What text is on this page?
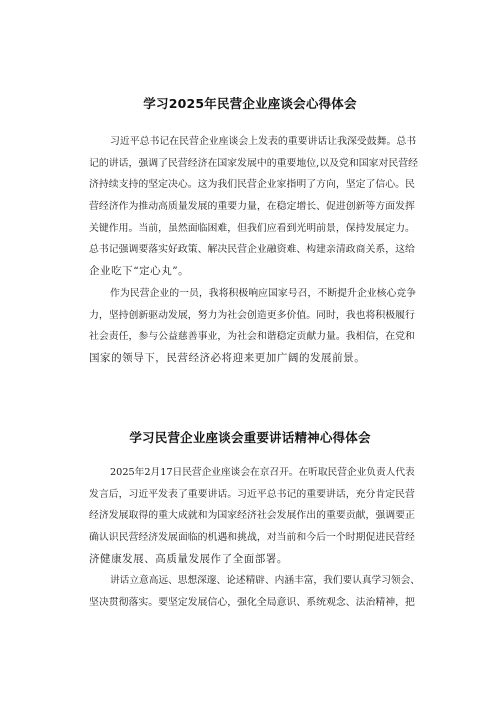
学习2025年民营企业座谈会心得体会
习近平总书记在民营企业座谈会上发表的重要讲话让我深受鼓舞。总书
记的讲话，强调了民营经济在国家发展中的重要地位,以及党和国家对民营经
济持续支持的坚定决心。这为我们民营企业家指明了方向，坚定了信心。民
营经济作为推动高质量发展的重要力量，在稳定增长、促进创新等方面发挥
关键作用。当前，虽然面临困难，但我们应看到光明前景，保持发展定力。
总书记强调要落实好政策、解决民营企业融资难、构建亲清政商关系，这给
企业吃下“定心丸”。
作为民营企业的一员，我将积极响应国家号召，不断提升企业核心竞争
力，坚持创新驱动发展，努力为社会创造更多价值。同时，我也将积极履行
社会责任，参与公益慈善事业，为社会和谐稳定贡献力量。我相信，在党和
国家的领导下，民营经济必将迎来更加广阔的发展前景。
学习民营企业座谈会重要讲话精神心得体会
2025年2月17日民营企业座谈会在京召开。在听取民营企业负责人代表
发言后，习近平发表了重要讲话。习近平总书记的重要讲话，充分肯定民营
经济发展取得的重大成就和为国家经济社会发展作出的重要贡献，强调要正
确认识民营经济发展面临的机遇和挑战，对当前和今后一个时期促进民营经
济健康发展、高质量发展作了全面部署。
讲话立意高远、思想深邃、论述精辟、内涵丰富，我们要认真学习领会、
坚决贯彻落实。要坚定发展信心，强化全局意识、系统观念、法治精神，把
